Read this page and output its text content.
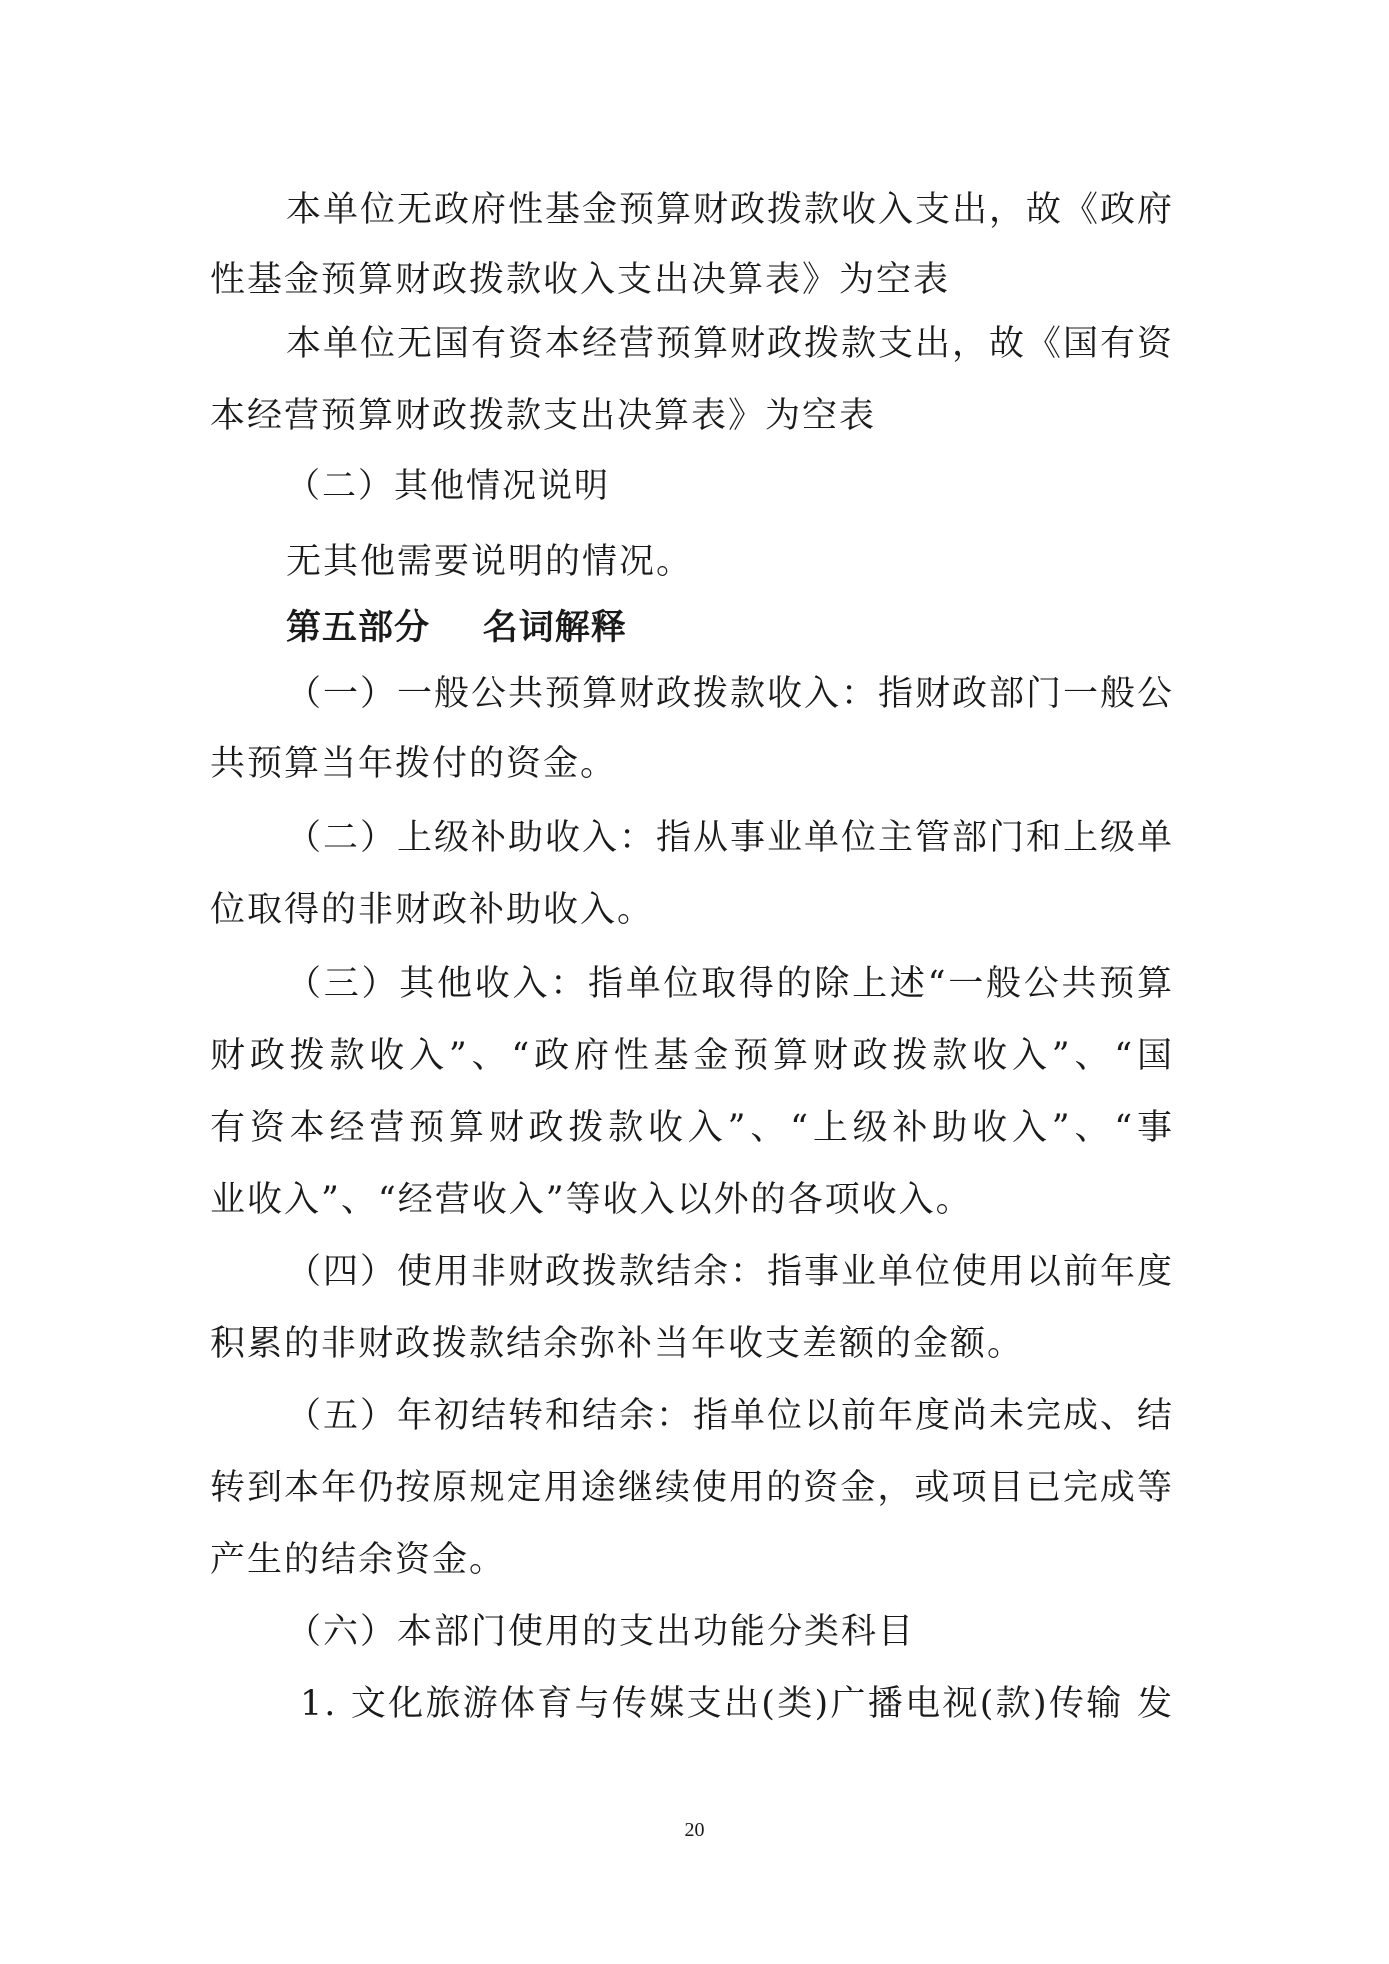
本单位无政府性基金预算财政拨款收入支出，故《政府
性基金预算财政拨款收入支出决算表》为空表
本单位无国有资本经营预算财政拨款支出，故《国有资
本经营预算财政拨款支出决算表》为空表
（二）其他情况说明
无其他需要说明的情况。
第五部分    名词解释
（一）一般公共预算财政拨款收入：指财政部门一般公
共预算当年拨付的资金。
（二）上级补助收入：指从事业单位主管部门和上级单
位取得的非财政补助收入。
（三）其他收入：指单位取得的除上述“一般公共预算
财政拨款收入”、“政府性基金预算财政拨款收入”、“国
有资本经营预算财政拨款收入”、“上级补助收入”、“事
业收入”、“经营收入”等收入以外的各项收入。
（四）使用非财政拨款结余：指事业单位使用以前年度
积累的非财政拨款结余弥补当年收支差额的金额。
（五）年初结转和结余：指单位以前年度尚未完成、结
转到本年仍按原规定用途继续使用的资金，或项目已完成等
产生的结余资金。
（六）本部门使用的支出功能分类科目
1. 文化旅游体育与传媒支出(类)广播电视(款)传输 发
20
